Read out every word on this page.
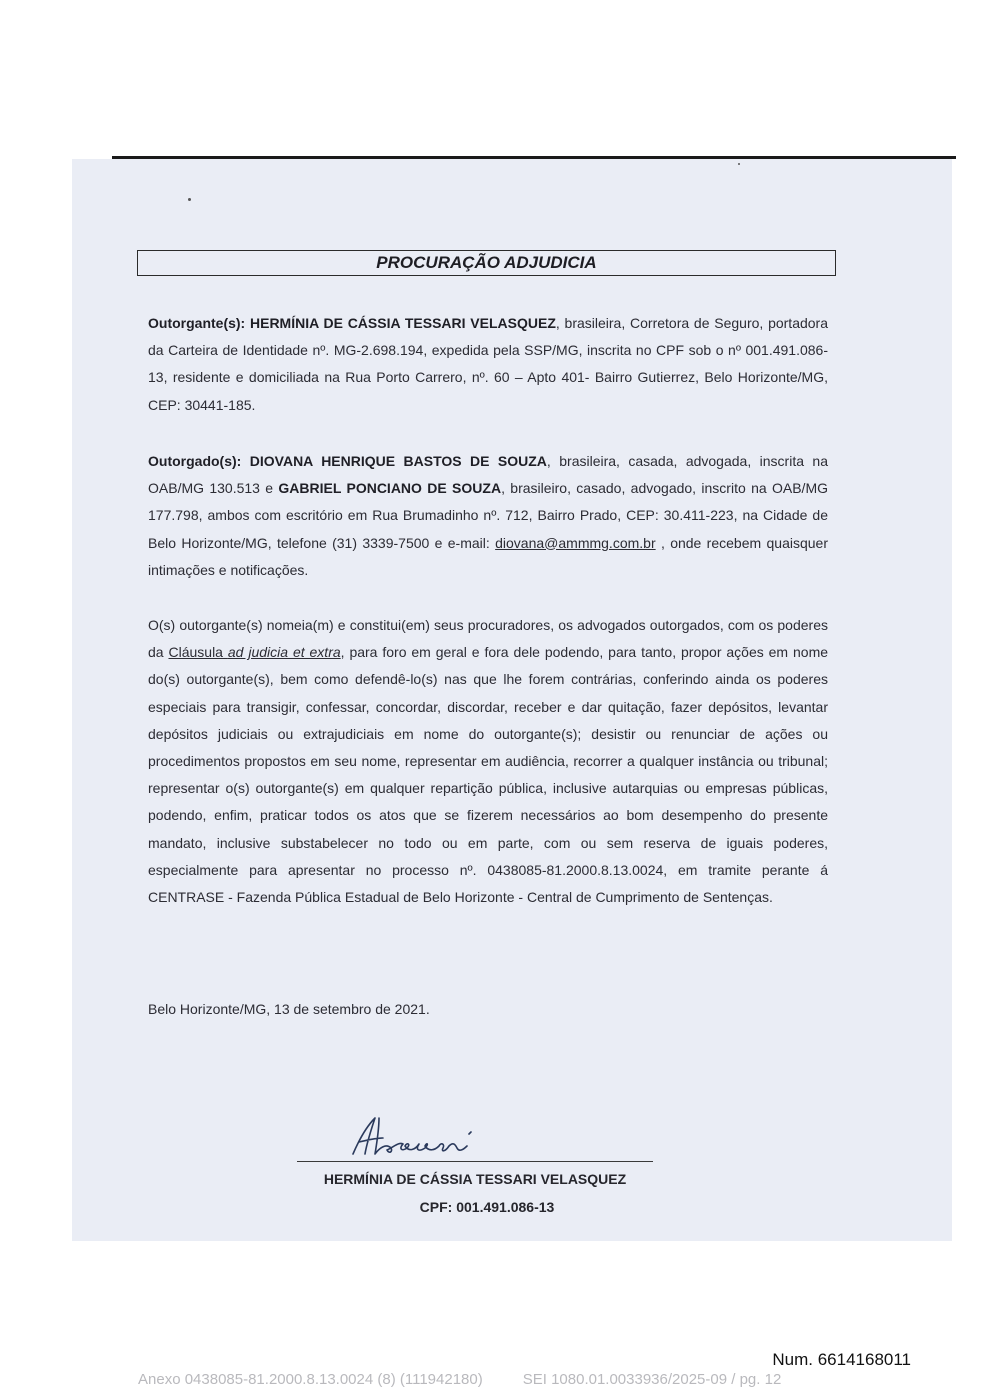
PROCURAÇÃO ADJUDICIA
Outorgante(s): HERMÍNIA DE CÁSSIA TESSARI VELASQUEZ, brasileira, Corretora de Seguro, portadora da Carteira de Identidade nº. MG-2.698.194, expedida pela SSP/MG, inscrita no CPF sob o nº 001.491.086-13, residente e domiciliada na Rua Porto Carrero, nº. 60 – Apto 401- Bairro Gutierrez, Belo Horizonte/MG, CEP: 30441-185.
Outorgado(s): DIOVANA HENRIQUE BASTOS DE SOUZA, brasileira, casada, advogada, inscrita na OAB/MG 130.513 e GABRIEL PONCIANO DE SOUZA, brasileiro, casado, advogado, inscrito na OAB/MG 177.798, ambos com escritório em Rua Brumadinho nº. 712, Bairro Prado, CEP: 30.411-223, na Cidade de Belo Horizonte/MG, telefone (31) 3339-7500 e e-mail: diovana@ammmg.com.br , onde recebem quaisquer intimações e notificações.
O(s) outorgante(s) nomeia(m) e constitui(em) seus procuradores, os advogados outorgados, com os poderes da Cláusula ad judicia et extra, para foro em geral e fora dele podendo, para tanto, propor ações em nome do(s) outorgante(s), bem como defendê-lo(s) nas que lhe forem contrárias, conferindo ainda os poderes especiais para transigir, confessar, concordar, discordar, receber e dar quitação, fazer depósitos, levantar depósitos judiciais ou extrajudiciais em nome do outorgante(s); desistir ou renunciar de ações ou procedimentos propostos em seu nome, representar em audiência, recorrer a qualquer instância ou tribunal; representar o(s) outorgante(s) em qualquer repartição pública, inclusive autarquias ou empresas públicas, podendo, enfim, praticar todos os atos que se fizerem necessários ao bom desempenho do presente mandato, inclusive substabelecer no todo ou em parte, com ou sem reserva de iguais poderes, especialmente para apresentar no processo nº. 0438085-81.2000.8.13.0024, em tramite perante á CENTRASE - Fazenda Pública Estadual de Belo Horizonte - Central de Cumprimento de Sentenças.
Belo Horizonte/MG, 13 de setembro de 2021.
HERMÍNIA DE CÁSSIA TESSARI VELASQUEZ
CPF: 001.491.086-13
Num. 6614168011
Anexo 0438085-81.2000.8.13.0024 (8) (111942180)	SEI 1080.01.0033936/2025-09 / pg. 12
